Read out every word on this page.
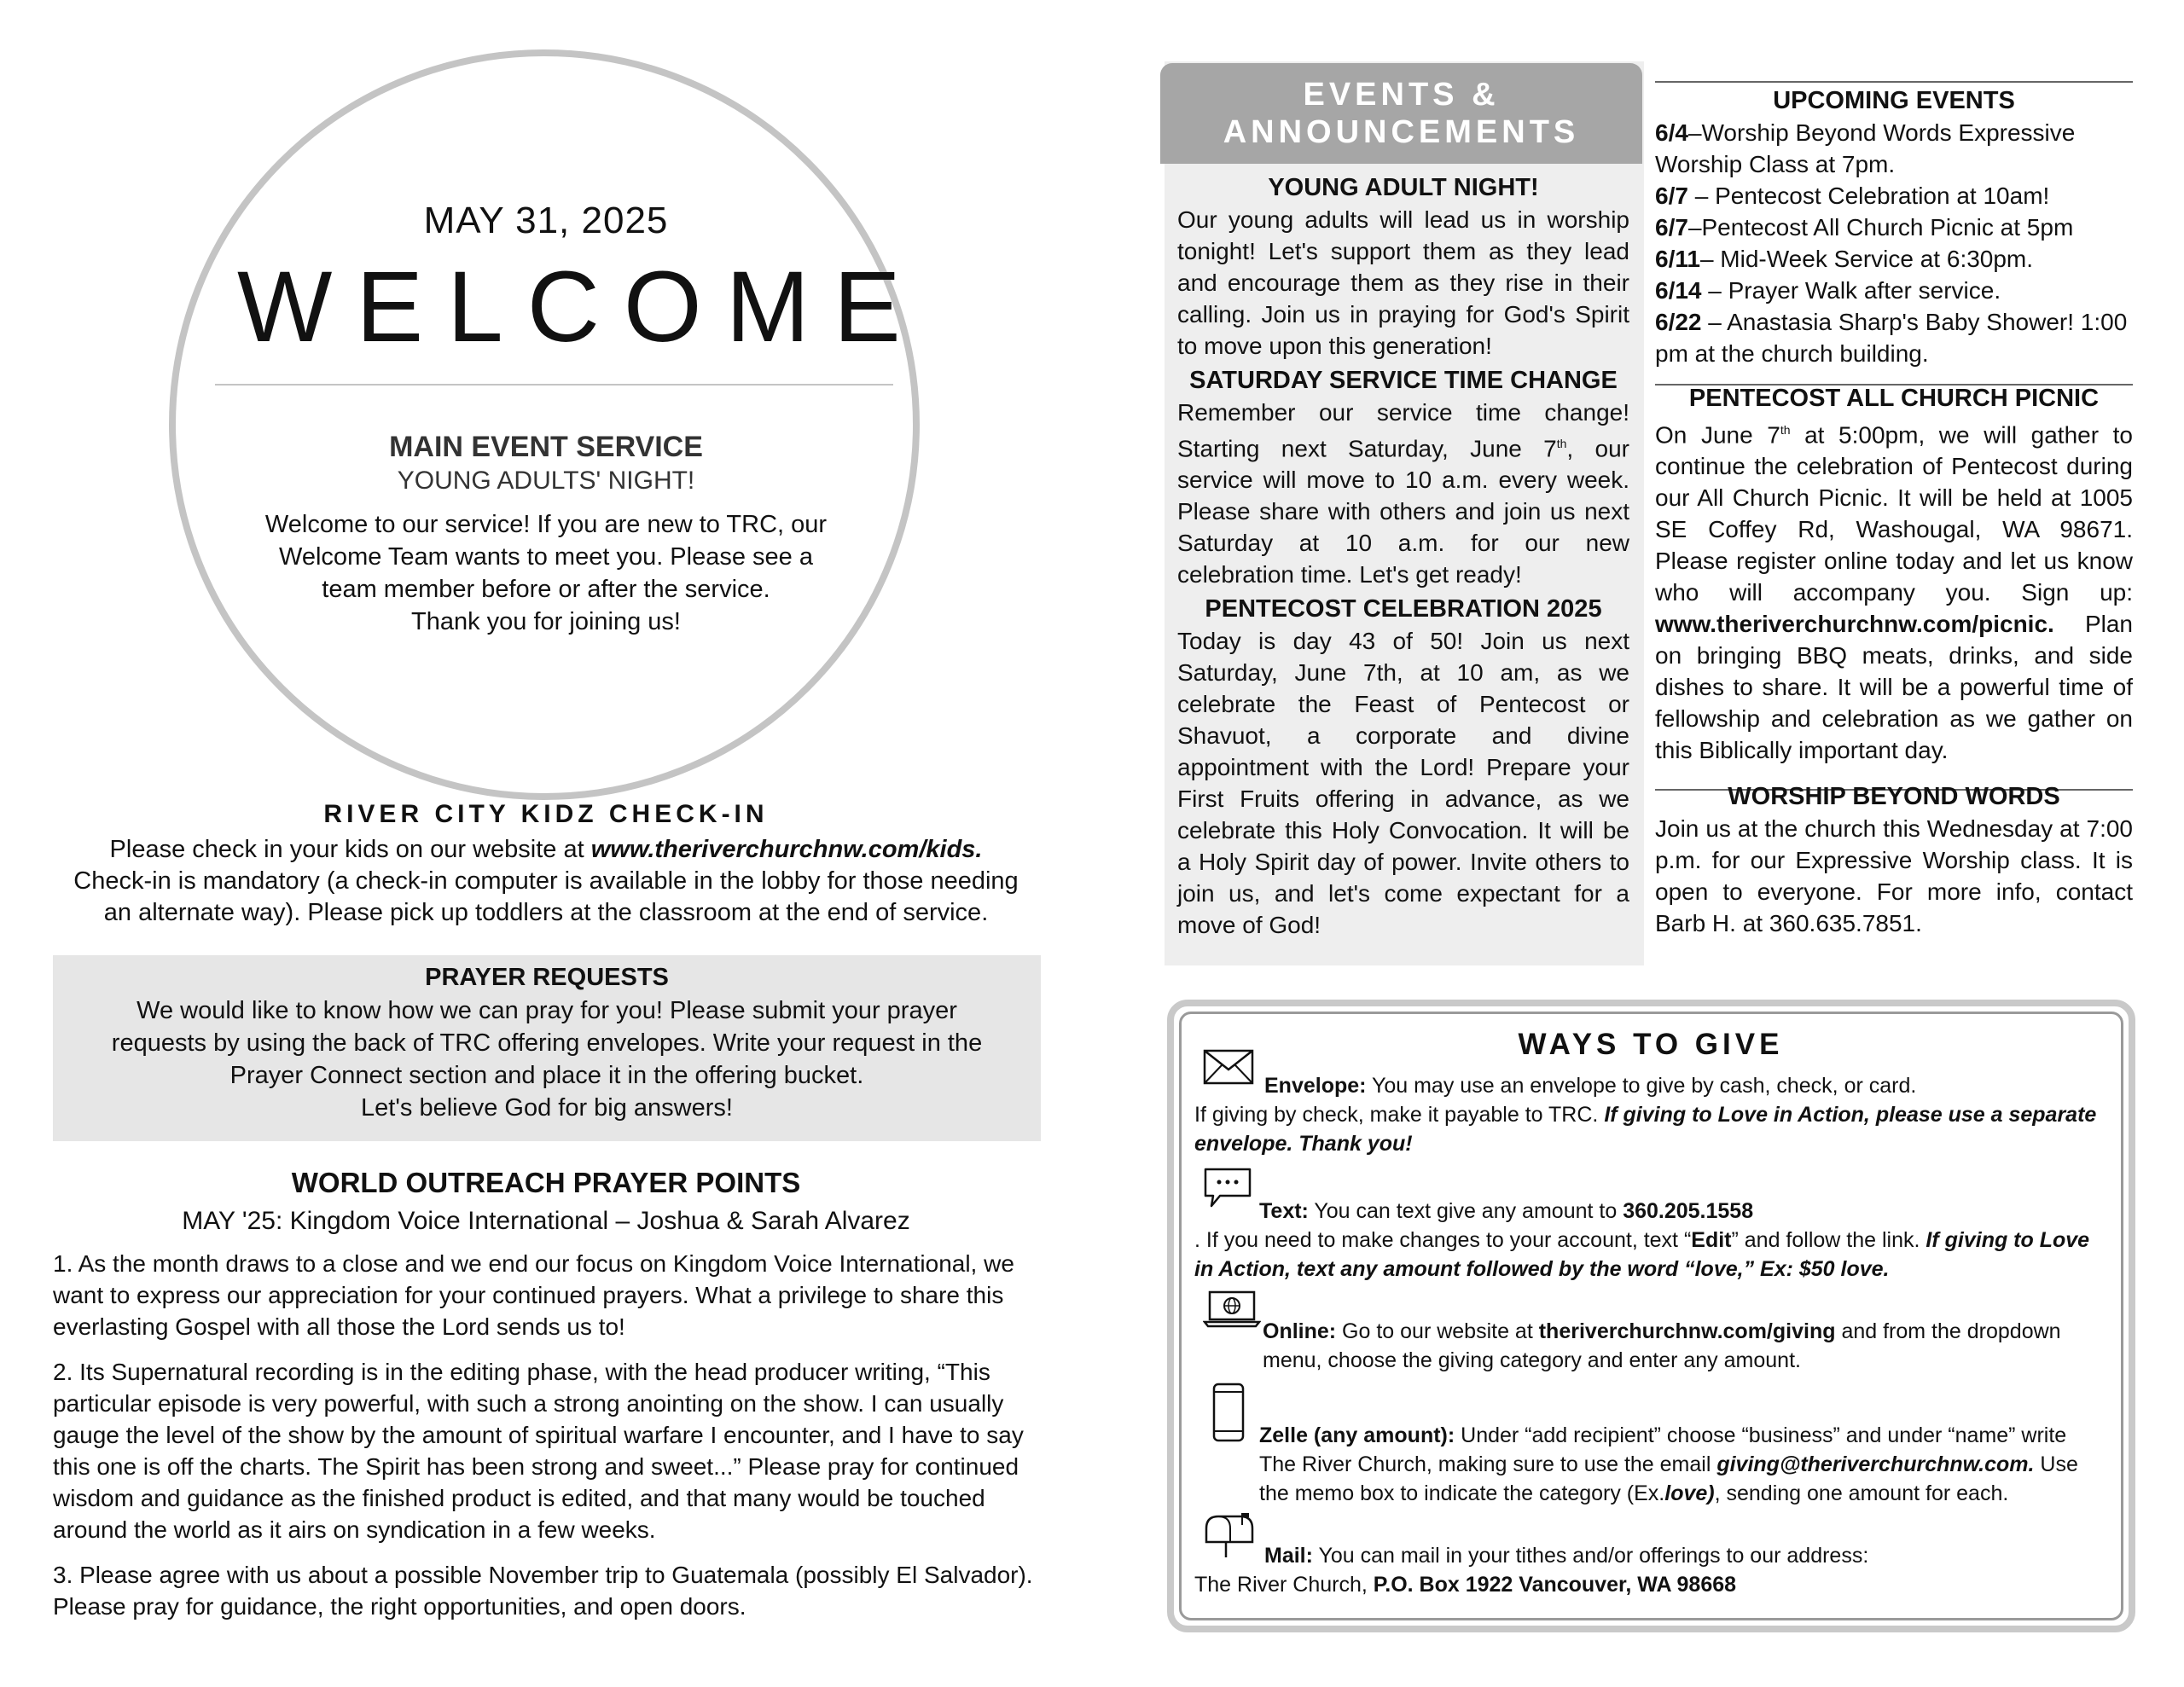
MAY 31, 2025
WELCOME
MAIN EVENT SERVICE
YOUNG ADULTS' NIGHT!
Welcome to our service! If you are new to TRC, our
Welcome Team wants to meet you. Please see a
team member before or after the service.
Thank you for joining us!
RIVER CITY KIDZ CHECK-IN
Please check in your kids on our website at www.theriverchurchnw.com/kids.
Check-in is mandatory (a check-in computer is available in the lobby for those needing
an alternate way). Please pick up toddlers at the classroom at the end of service.
PRAYER REQUESTS
We would like to know how we can pray for you! Please submit your prayer
requests by using the back of TRC offering envelopes. Write your request in the
Prayer Connect section and place it in the offering bucket.
Let's believe God for big answers!
WORLD OUTREACH PRAYER POINTS
MAY '25: Kingdom Voice International – Joshua & Sarah Alvarez

1. As the month draws to a close and we end our focus on Kingdom Voice International, we want to express our appreciation for your continued prayers. What a privilege to share this everlasting Gospel with all those the Lord sends us to!

2. Its Supernatural recording is in the editing phase, with the head producer writing, “This particular episode is very powerful, with such a strong anointing on the show. I can usually gauge the level of the show by the amount of spiritual warfare I encounter, and I have to say this one is off the charts. The Spirit has been strong and sweet...” Please pray for continued wisdom and guidance as the finished product is edited, and that many would be touched around the world as it airs on syndication in a few weeks.

3. Please agree with us about a possible November trip to Guatemala (possibly El Salvador). Please pray for guidance, the right opportunities, and open doors.

EVENTS &
ANNOUNCEMENTS
YOUNG ADULT NIGHT!
Our young adults will lead us in worship tonight! Let's support them as they lead and encourage them as they rise in their calling. Join us in praying for God's Spirit to move upon this generation!
SATURDAY SERVICE TIME CHANGE
Remember our service time change! Starting next Saturday, June 7th, our service will move to 10 a.m. every week. Please share with others and join us next Saturday at 10 a.m. for our new celebration time. Let's get ready!
PENTECOST CELEBRATION 2025
Today is day 43 of 50! Join us next Saturday, June 7th, at 10 am, as we celebrate the Feast of Pentecost or Shavuot, a corporate and divine appointment with the Lord! Prepare your First Fruits offering in advance, as we celebrate this Holy Convocation. It will be a Holy Spirit day of power. Invite others to join us, and let's come expectant for a move of God!
UPCOMING EVENTS
6/4–Worship Beyond Words Expressive Worship Class at 7pm.
6/7 – Pentecost Celebration at 10am!
6/7–Pentecost All Church Picnic at 5pm
6/11– Mid-Week Service at 6:30pm.
6/14 – Prayer Walk after service.
6/22 – Anastasia Sharp's Baby Shower! 1:00 pm at the church building.
PENTECOST ALL CHURCH PICNIC
On June 7th at 5:00pm, we will gather to continue the celebration of Pentecost during our All Church Picnic. It will be held at 1005 SE Coffey Rd, Washougal, WA 98671. Please register online today and let us know who will accompany you. Sign up: www.theriverchurchnw.com/picnic. Plan on bringing BBQ meats, drinks, and side dishes to share. It will be a powerful time of fellowship and celebration as we gather on this Biblically important day.
WORSHIP BEYOND WORDS
Join us at the church this Wednesday at 7:00 p.m. for our Expressive Worship class. It is open to everyone. For more info, contact Barb H. at 360.635.7851.
WAYS TO GIVE
Envelope: You may use an envelope to give by cash, check, or card.
If giving by check, make it payable to TRC. If giving to Love in Action, please use a separate envelope. Thank you!
Text: You can text give any amount to 360.205.1558
. If you need to make changes to your account, text “Edit” and follow the link. If giving to Love in Action, text any amount followed by the word “love,” Ex: $50 love.
Online: Go to our website at theriverchurchnw.com/giving and from the dropdown menu, choose the giving category and enter any amount.
Zelle (any amount): Under “add recipient” choose “business” and under “name” write The River Church, making sure to use the email giving@theriverchurchnw.com. Use the memo box to indicate the category (Ex.love), sending one amount for each.
Mail: You can mail in your tithes and/or offerings to our address:
The River Church, P.O. Box 1922 Vancouver, WA 98668
